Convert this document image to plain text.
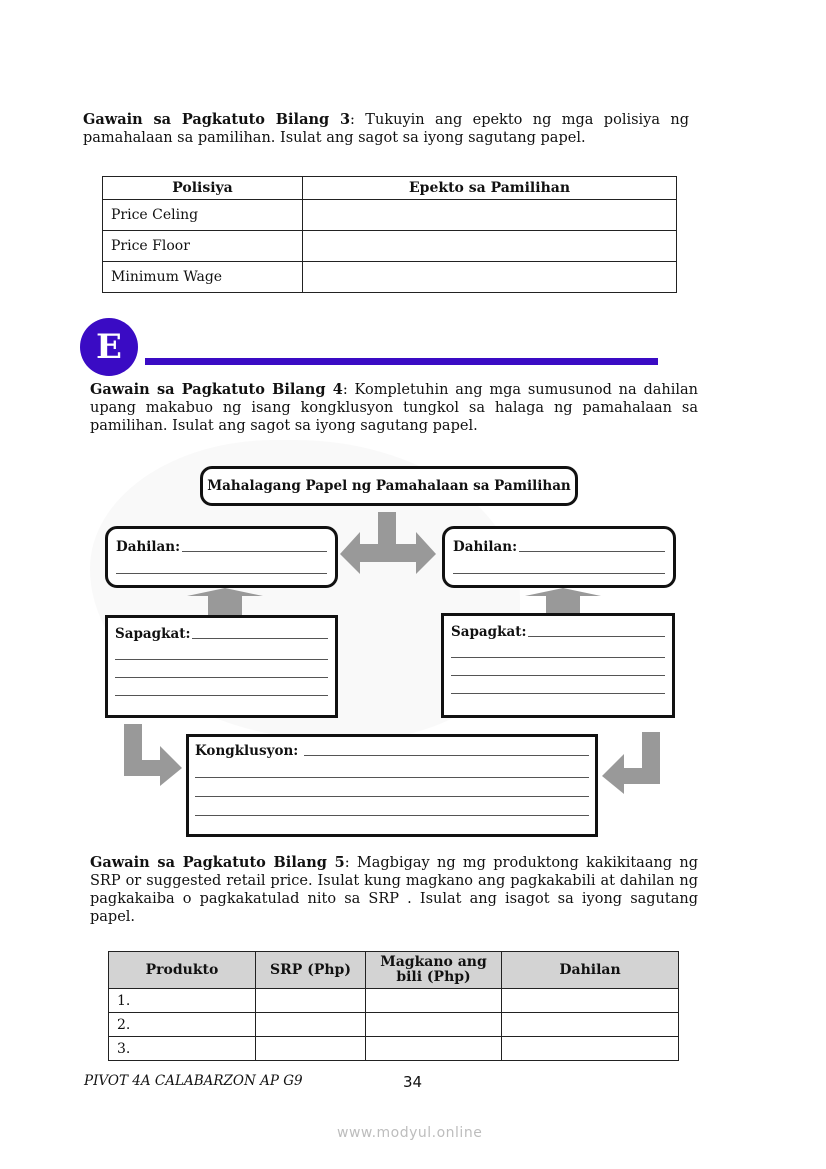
Gawain sa Pagkatuto Bilang 3: Tukuyin ang epekto ng mga polisiya ng pamahalaan sa pamilihan. Isulat ang sagot sa iyong sagutang papel.

Polisiya	Epekto sa Pamilihan
Price Celing	
Price Floor	
Minimum Wage	
E

Gawain sa Pagkatuto Bilang 4: Kompletuhin ang mga sumusunod na dahilan upang makabuo ng isang kongklusyon tungkol sa halaga ng pamahalaan sa pamilihan. Isulat ang sagot sa iyong sagutang papel.

Mahalagang Papel ng Pamahalaan sa Pamilihan
Dahilan:	Dahilan:
Sapagkat:	Sapagkat:
Kongklusyon:

Gawain sa Pagkatuto Bilang 5: Magbigay ng mg produktong kakikitaang ng SRP or suggested retail price. Isulat kung magkano ang pagkakabili at dahilan ng pagkakaiba o pagkakatulad nito sa SRP . Isulat ang isagot sa iyong sagutang papel.

Produkto	SRP (Php)	Magkano ang bili (Php)	Dahilan
1.			
2.			
3.			
PIVOT 4A CALABARZON AP G9	34
www.modyul.online
